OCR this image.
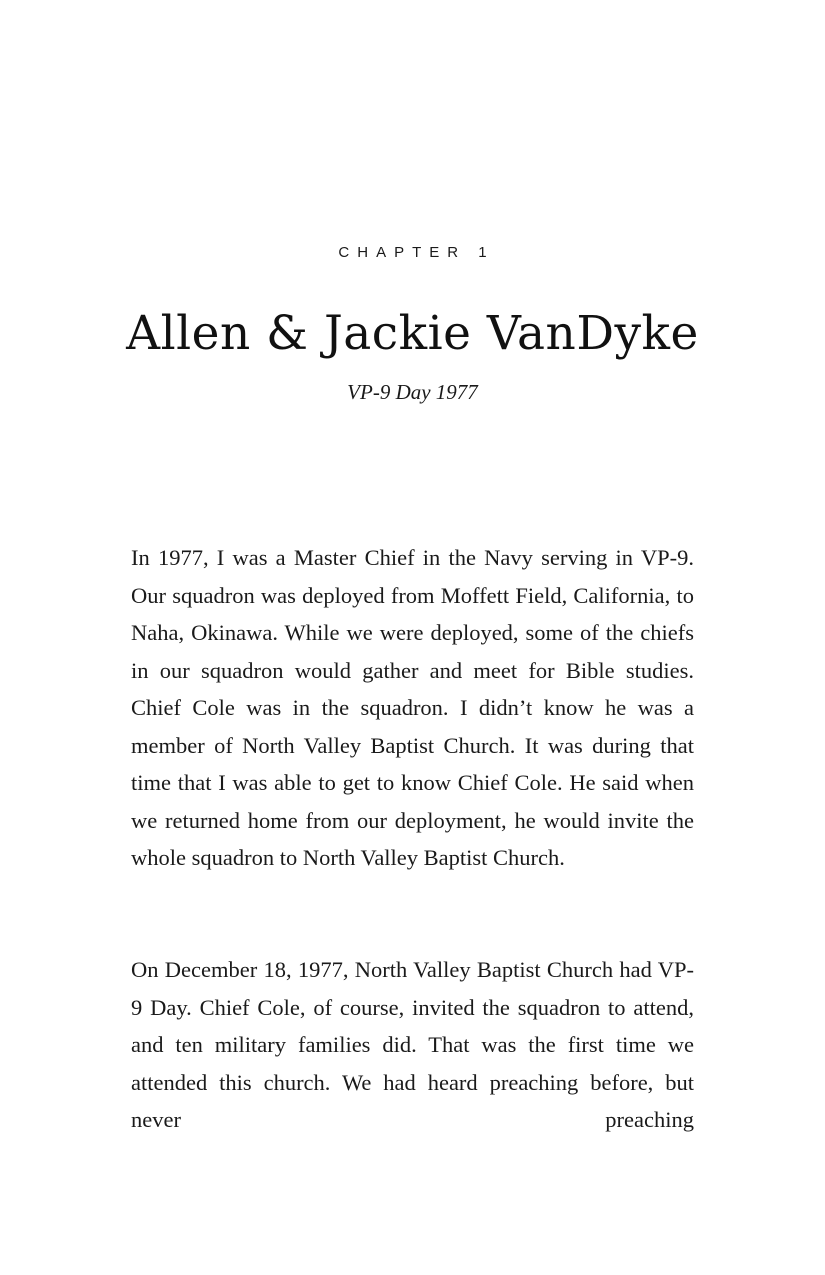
CHAPTER 1
Allen & Jackie VanDyke
VP-9 Day 1977

In 1977, I was a Master Chief in the Navy serving in VP-9. Our squadron was deployed from Moffett Field, California, to Naha, Okinawa. While we were deployed, some of the chiefs in our squadron would gather and meet for Bible studies. Chief Cole was in the squadron. I didn’t know he was a member of North Valley Baptist Church. It was during that time that I was able to get to know Chief Cole. He said when we returned home from our deployment, he would invite the whole squadron to North Valley Baptist Church.

On December 18, 1977, North Valley Baptist Church had VP-9 Day. Chief Cole, of course, invited the squadron to attend, and ten military families did. That was the first time we attended this church. We had heard preaching before, but never preaching
